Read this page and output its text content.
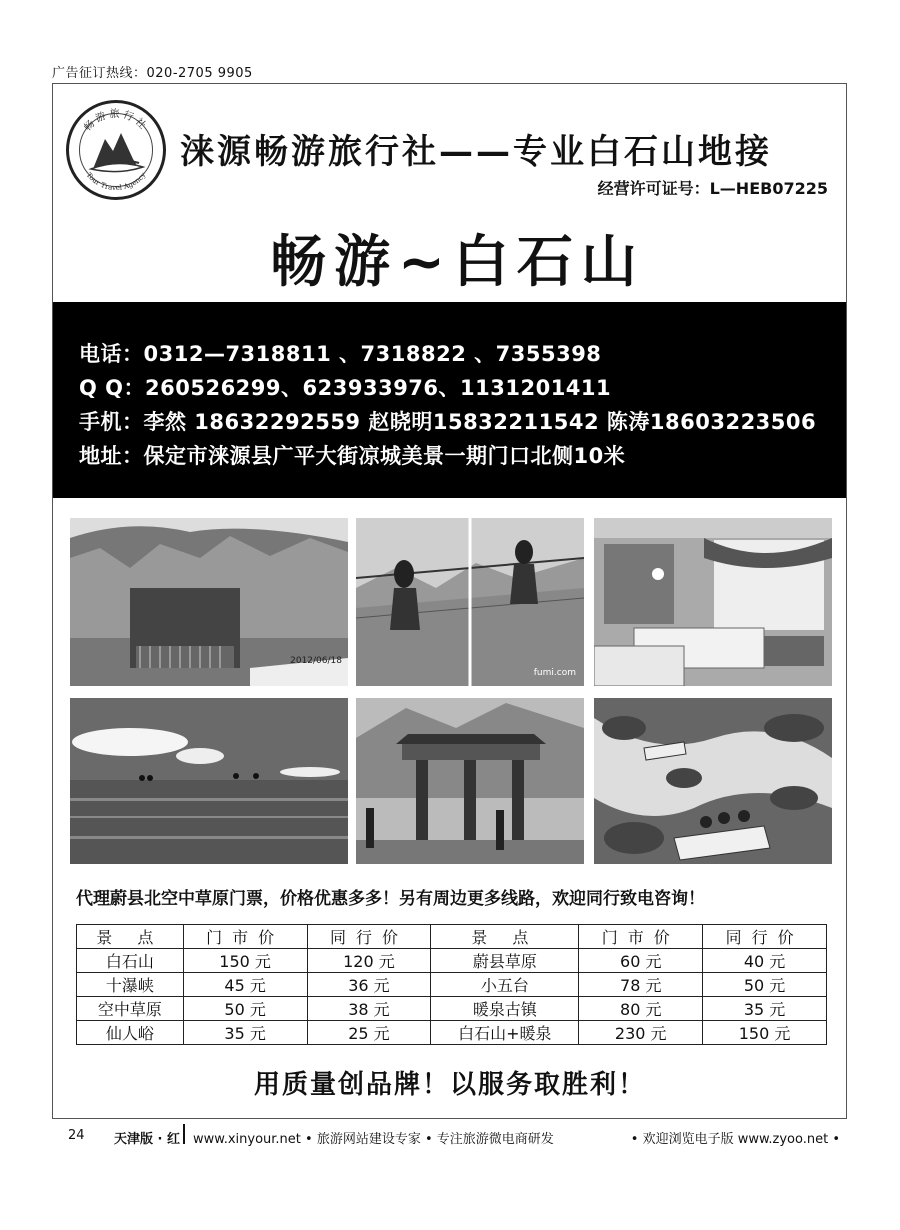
广告征订热线：020-2705 9905
畅游旅行社
Tour Travel Agency
涞源畅游旅行社——专业白石山地接
经营许可证号：L—HEB07225
畅游~白石山
电话：0312—7318811 、7318822 、7355398
Q Q：260526299、623933976、1131201411
手机：李然 18632292559 赵晓明15832211542 陈涛18603223506
地址：保定市涞源县广平大街凉城美景一期门口北侧10米
2012/06/18
fumi.com
代理蔚县北空中草原门票，价格优惠多多！另有周边更多线路，欢迎同行致电咨询！
景 点	门市价	同行价	景 点	门市价	同行价
白石山	150 元	120 元	蔚县草原	60 元	40 元
十瀑峡	45 元	36 元	小五台	78 元	50 元
空中草原	50 元	38 元	暖泉古镇	80 元	35 元
仙人峪	35 元	25 元	白石山+暖泉	230 元	150 元
用质量创品牌！以服务取胜利！
24 天津版 · 红 www.xinyour.net • 旅游网站建设专家 • 专注旅游微电商研发	• 欢迎浏览电子版 www.zyoo.net •
